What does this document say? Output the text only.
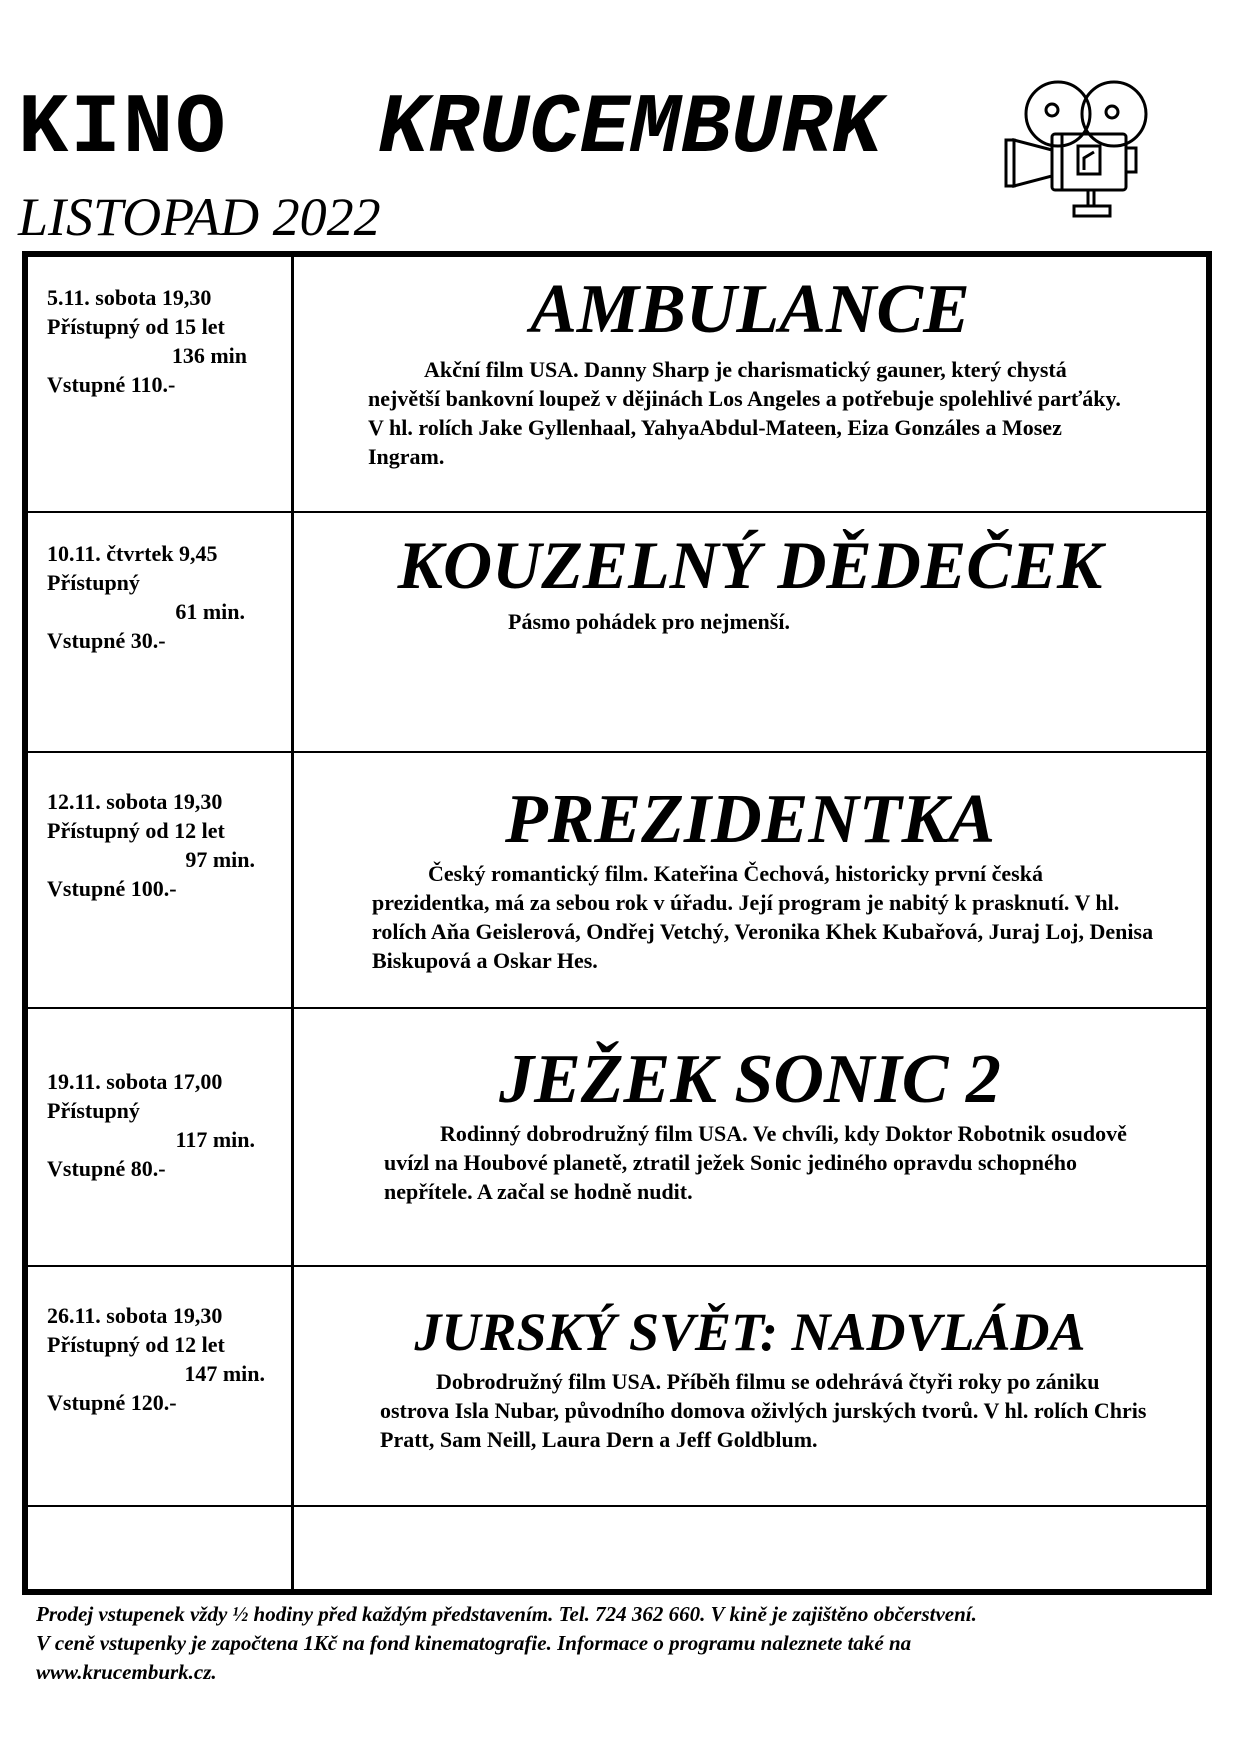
KINO KRUCEMBURK
LISTOPAD 2022
5.11. sobota 19,30
Přístupný od 15 let
136 min
Vstupné 110.-
AMBULANCE
Akční film USA. Danny Sharp je charismatický gauner, který chystá největší bankovní loupež v dějinách Los Angeles a potřebuje spolehlivé parťáky. V hl. rolích Jake Gyllenhaal, YahyaAbdul-Mateen, Eiza Gonzáles a Mosez Ingram.
10.11. čtvrtek 9,45
Přístupný
61 min.
Vstupné 30.-
KOUZELNÝ DĚDEČEK
Pásmo pohádek pro nejmenší.
12.11. sobota 19,30
Přístupný od 12 let
97 min.
Vstupné 100.-
PREZIDENTKA
Český romantický film. Kateřina Čechová, historicky první česká prezidentka, má za sebou rok v úřadu. Její program je nabitý k prasknutí. V hl. rolích Aňa Geislerová, Ondřej Vetchý, Veronika Khek Kubařová, Juraj Loj, Denisa Biskupová a Oskar Hes.
19.11. sobota 17,00
Přístupný
117 min.
Vstupné 80.-
JEŽEK SONIC 2
Rodinný dobrodružný film USA. Ve chvíli, kdy Doktor Robotnik osudově uvízl na Houbové planetě, ztratil ježek Sonic jediného opravdu schopného nepřítele. A začal se hodně nudit.
26.11. sobota 19,30
Přístupný od 12 let
147 min.
Vstupné 120.-
JURSKÝ SVĚT: NADVLÁDA
Dobrodružný film USA. Příběh filmu se odehrává čtyři roky po zániku ostrova Isla Nubar, původního domova oživlých jurských tvorů. V hl. rolích Chris Pratt, Sam Neill, Laura Dern a Jeff Goldblum.
Prodej vstupenek vždy ½ hodiny před každým představením. Tel. 724 362 660. V kině je zajištěno občerstvení.
V ceně vstupenky je započtena 1Kč na fond kinematografie. Informace o programu naleznete také na
www.krucemburk.cz.
